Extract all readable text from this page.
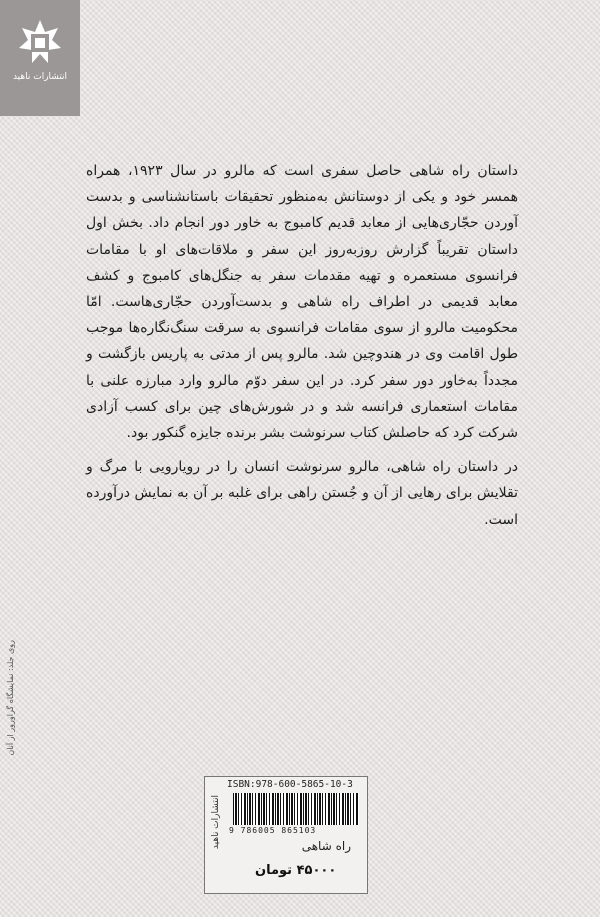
انتشارات ناهید

داستان راه شاهی حاصل سفری است که مالرو در سال ۱۹۲۳، همراه همسر خود و یکی از دوستانش به‌منظور تحقیقات باستانشناسی و بدست آوردن حجّاری‌هایی از معابد قدیم کامبوج به خاور دور انجام داد. بخش اول داستان تقریباً گزارش روزبه‌روز این سفر و ملاقات‌های او با مقامات فرانسوی مستعمره و تهیه مقدمات سفر به جنگل‌های کامبوج و کشف معابد قدیمی در اطراف راه شاهی و بدست‌آوردن حجّاری‌هاست. امّا محکومیت مالرو از سوی مقامات فرانسوی به سرقت سنگ‌نگاره‌ها موجب طول اقامت وی در هندوچین شد. مالرو پس از مدتی به پاریس بازگشت و مجدداً به‌خاور دور سفر کرد. در این سفر دوّم مالرو وارد مبارزه علنی با مقامات استعماری فرانسه شد و در شورش‌های چین برای کسب آزادی شرکت کرد که حاصلش کتاب سرنوشت بشر برنده جایزه گنکور بود.

در داستان راه شاهی، مالرو سرنوشت انسان را در رویارویی با مرگ و تقلایش برای رهایی از آن و جُستن راهی برای غلبه بر آن به نمایش درآورده است.

روی جلد: نمایشگاه گراورور از آنان
ISBN:978-600-5865-10-3
9 786005 865103
انتشارات ناهید	راه شاهی
۴۵۰۰۰ تومان
